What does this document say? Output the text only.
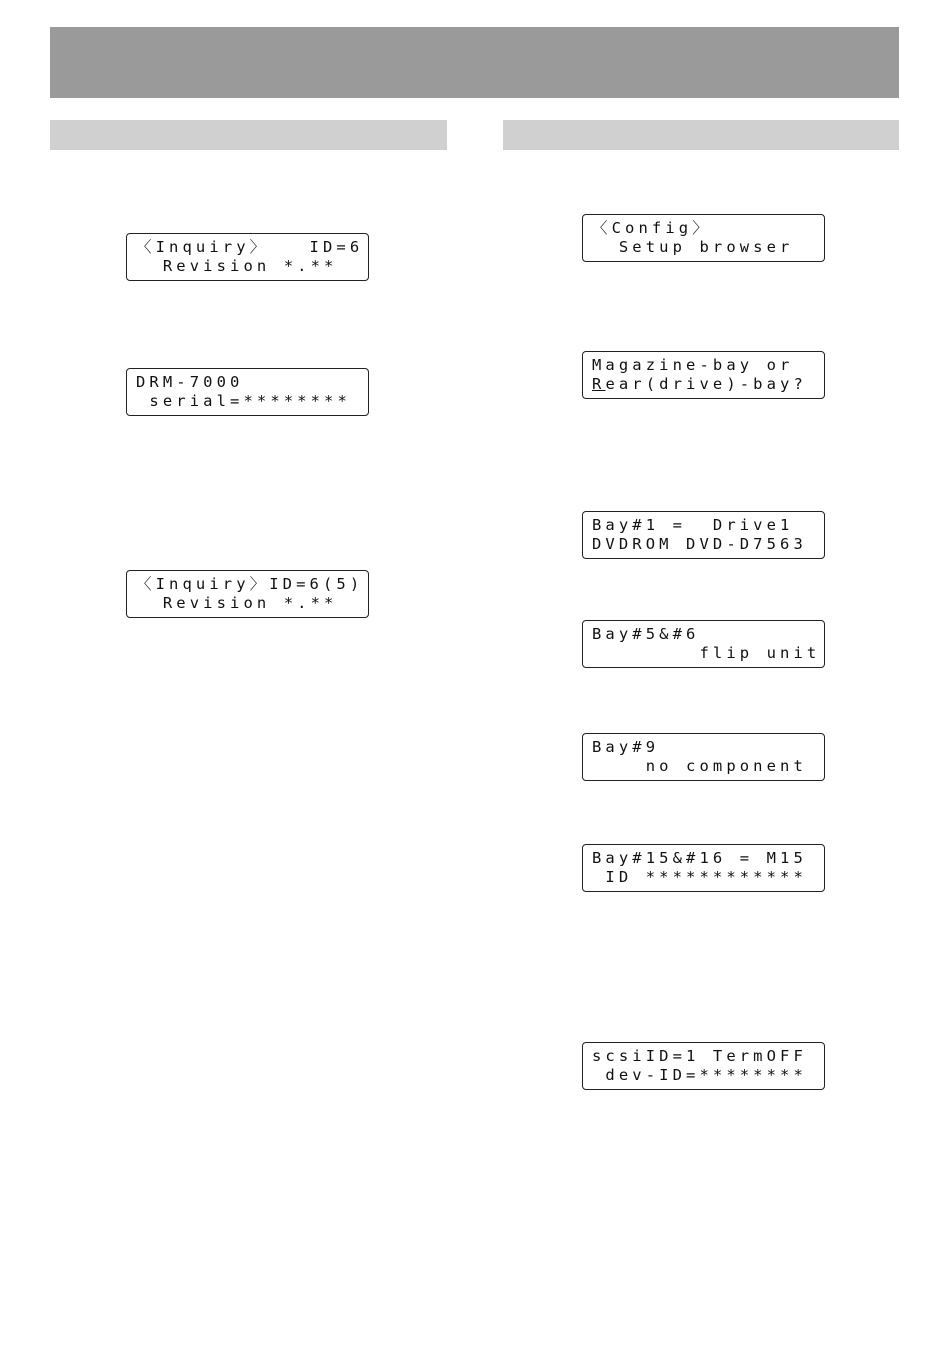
〈Inquiry〉   ID=6
Revision *.**
DRM-7000
serial=********
〈Inquiry〉ID=6(5)
Revision *.**
〈Config〉
Setup browser
Magazine-bay or
Rear(drive)-bay?
Bay#1 =  Drive1
DVDROM DVD-D7563
Bay#5&#6
flip unit
Bay#9
no component
Bay#15&#16 = M15
ID ************
scsiID=1 TermOFF
dev-ID=********
